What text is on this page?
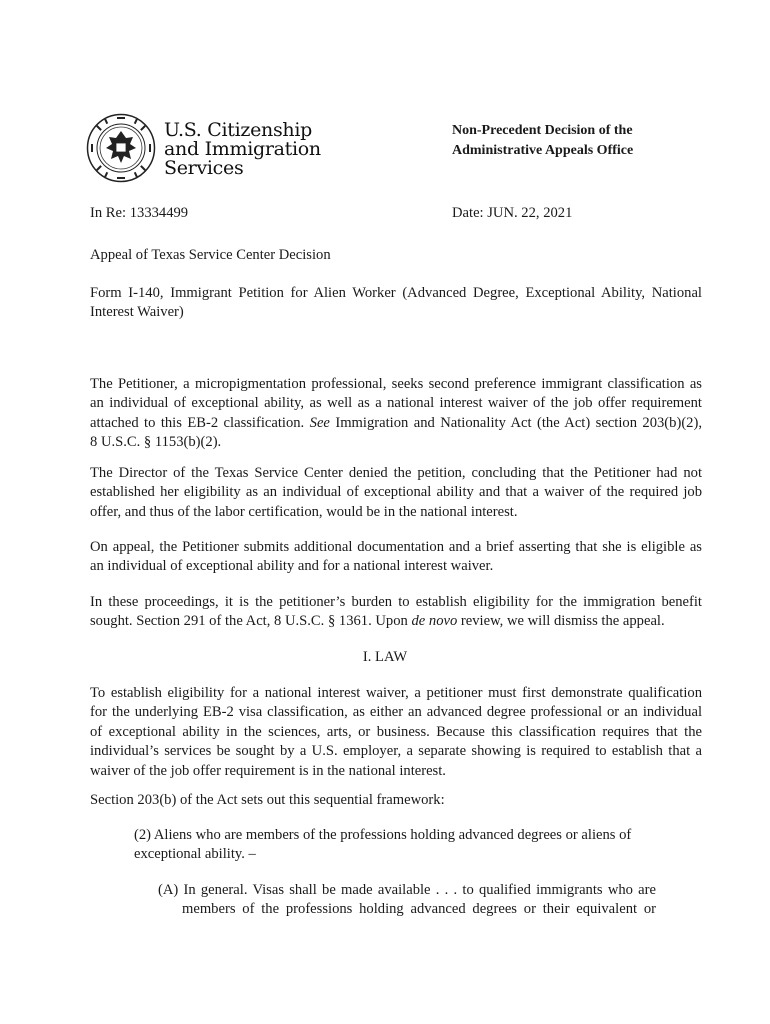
U.S. Citizenship
and Immigration
Services
Non-Precedent Decision of the
Administrative Appeals Office
In Re: 13334499	Date: JUN. 22, 2021
Appeal of Texas Service Center Decision
Form I-140, Immigrant Petition for Alien Worker (Advanced Degree, Exceptional Ability, National
Interest Waiver)
The Petitioner, a micropigmentation professional, seeks second preference immigrant classification as
an individual of exceptional ability, as well as a national interest waiver of the job offer requirement
attached to this EB-2 classification. See Immigration and Nationality Act (the Act) section 203(b)(2),
8 U.S.C. § 1153(b)(2).
The Director of the Texas Service Center denied the petition, concluding that the Petitioner had not
established her eligibility as an individual of exceptional ability and that a waiver of the required job
offer, and thus of the labor certification, would be in the national interest.
On appeal, the Petitioner submits additional documentation and a brief asserting that she is eligible as
an individual of exceptional ability and for a national interest waiver.
In these proceedings, it is the petitioner’s burden to establish eligibility for the immigration benefit
sought. Section 291 of the Act, 8 U.S.C. § 1361. Upon de novo review, we will dismiss the appeal.
I. LAW
To establish eligibility for a national interest waiver, a petitioner must first demonstrate qualification
for the underlying EB-2 visa classification, as either an advanced degree professional or an individual
of exceptional ability in the sciences, arts, or business. Because this classification requires that the
individual’s services be sought by a U.S. employer, a separate showing is required to establish that a
waiver of the job offer requirement is in the national interest.
Section 203(b) of the Act sets out this sequential framework:
(2) Aliens who are members of the professions holding advanced degrees or aliens of
exceptional ability. –
(A) In general. Visas shall be made available . . . to qualified immigrants who are
members of the professions holding advanced degrees or their equivalent or
